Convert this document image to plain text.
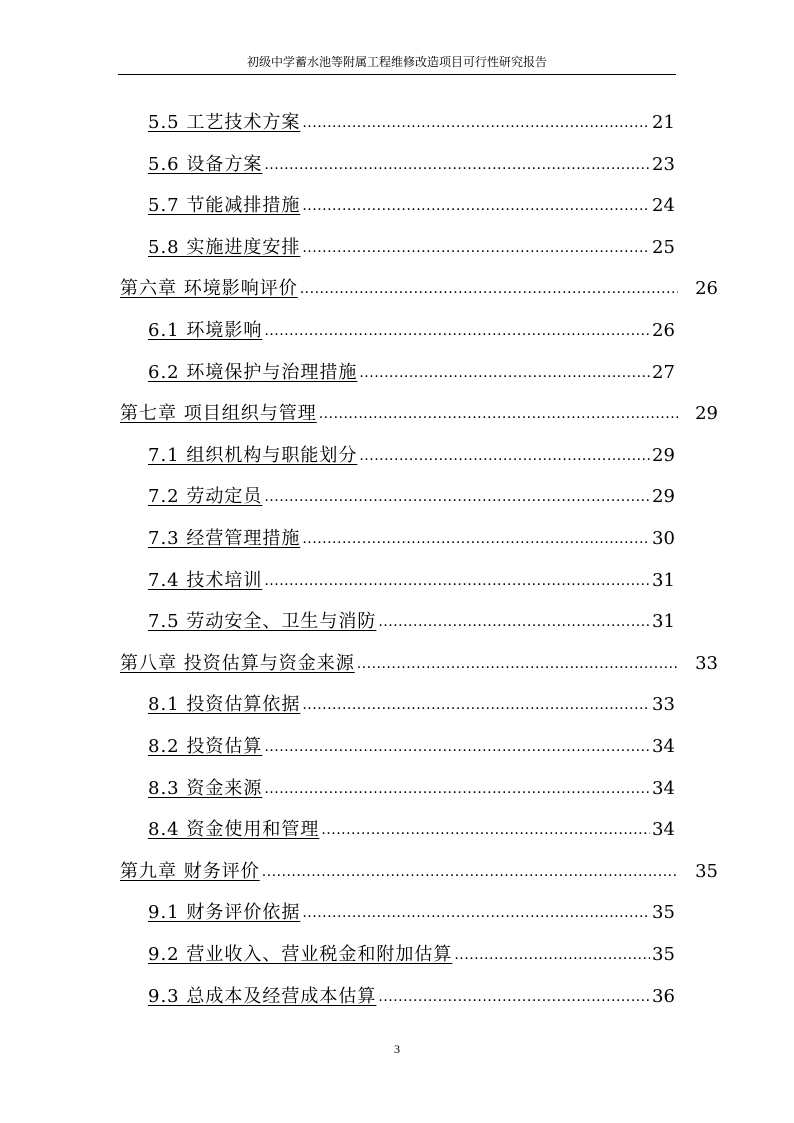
初级中学蓄水池等附属工程维修改造项目可行性研究报告
5.5 工艺技术方案 .....	21
5.6 设备方案 .....	23
5.7 节能减排措施 .....	24
5.8 实施进度安排 .....	25
第六章 环境影响评价 .....	26
6.1 环境影响 .....	26
6.2 环境保护与治理措施 .....	27
第七章 项目组织与管理 .....	29
7.1 组织机构与职能划分 .....	29
7.2 劳动定员 .....	29
7.3 经营管理措施 .....	30
7.4 技术培训 .....	31
7.5 劳动安全、卫生与消防 .....	31
第八章 投资估算与资金来源 .....	33
8.1 投资估算依据 .....	33
8.2 投资估算 .....	34
8.3 资金来源 .....	34
8.4 资金使用和管理 .....	34
第九章 财务评价 .....	35
9.1 财务评价依据 .....	35
9.2 营业收入、营业税金和附加估算 .....	35
9.3 总成本及经营成本估算 .....	36
3
